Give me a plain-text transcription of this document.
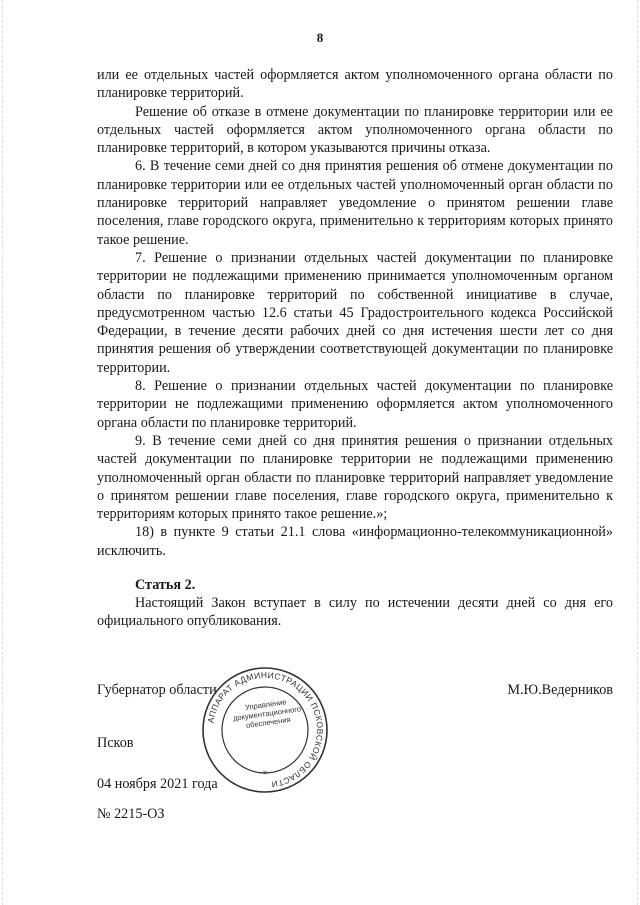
8

или ее отдельных частей оформляется актом уполномоченного органа области по планировке территорий.

Решение об отказе в отмене документации по планировке территории или ее отдельных частей оформляется актом уполномоченного органа области по планировке территорий, в котором указываются причины отказа.

6. В течение семи дней со дня принятия решения об отмене документации по планировке территории или ее отдельных частей уполномоченный орган области по планировке территорий направляет уведомление о принятом решении главе поселения, главе городского округа, применительно к территориям которых принято такое решение.

7. Решение о признании отдельных частей документации по планировке территории не подлежащими применению принимается уполномоченным органом области по планировке территорий по собственной инициативе в случае, предусмотренном частью 12.6 статьи 45 Градостроительного кодекса Российской Федерации, в течение десяти рабочих дней со дня истечения шести лет со дня принятия решения об утверждении соответствующей документации по планировке территории.

8. Решение о признании отдельных частей документации по планировке территории не подлежащими применению оформляется актом уполномоченного органа области по планировке территорий.

9. В течение семи дней со дня принятия решения о признании отдельных частей документации по планировке территории не подлежащими применению уполномоченный орган области по планировке территорий направляет уведомление о принятом решении главе поселения, главе городского округа, применительно к территориям которых принято такое решение.»;

18) в пункте 9 статьи 21.1 слова «информационно-телекоммуникационной» исключить.

Статья 2.
Настоящий Закон вступает в силу по истечении десяти дней со дня его официального опубликования.
Губернатор области	М.Ю.Ведерников
АППАРАТ АДМИНИСТРАЦИИ ПСКОВСКОЙ ОБЛАСТИ
*
Управление документационного обеспечения
Псков
04 ноября 2021 года
№ 2215-ОЗ
